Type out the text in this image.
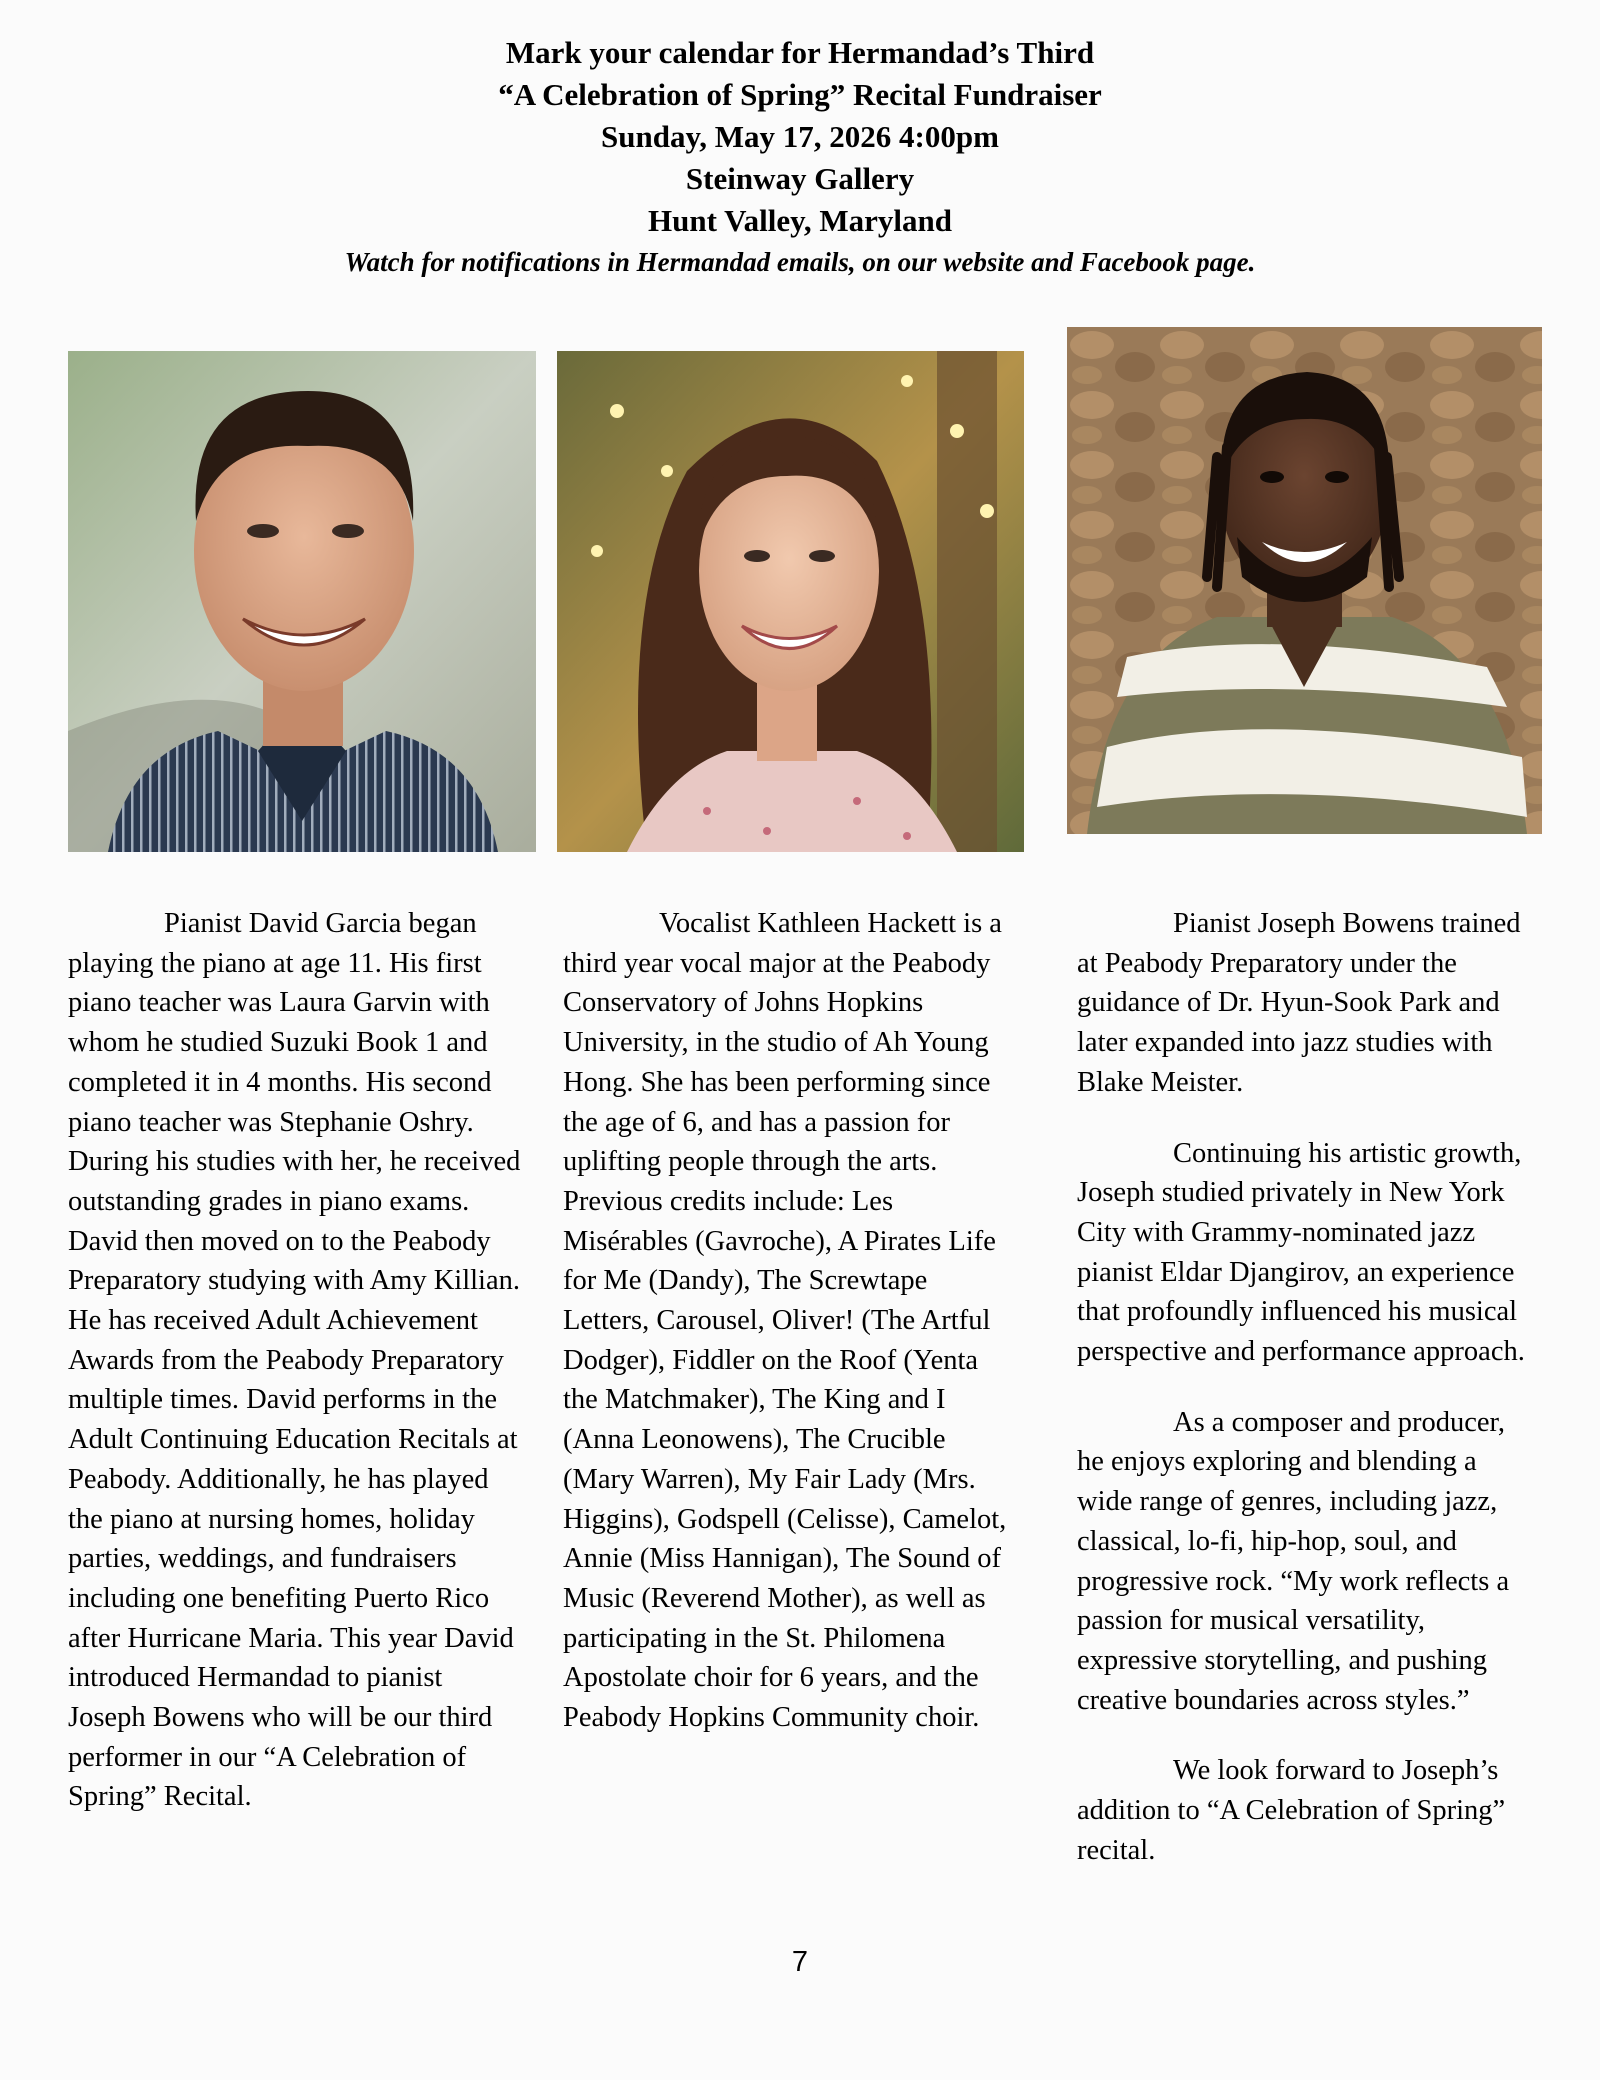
Mark your calendar for Hermandad’s Third
“A Celebration of Spring” Recital Fundraiser
Sunday, May 17, 2026 4:00pm
Steinway Gallery
Hunt Valley, Maryland
Watch for notifications in Hermandad emails, on our website and Facebook page.

Pianist David Garcia began playing the piano at age 11. His first piano teacher was Laura Garvin with whom he studied Suzuki Book 1 and completed it in 4 months. His second piano teacher was Stephanie Oshry. During his studies with her, he received outstanding grades in piano exams. David then moved on to the Peabody Preparatory studying with Amy Killian. He has received Adult Achievement Awards from the Peabody Preparatory multiple times. David performs in the Adult Continuing Education Recitals at Peabody. Additionally, he has played the piano at nursing homes, holiday parties, weddings, and fundraisers including one benefiting Puerto Rico after Hurricane Maria. This year David introduced Hermandad to pianist Joseph Bowens who will be our third performer in our “A Celebration of Spring” Recital.

Vocalist Kathleen Hackett is a third year vocal major at the Peabody Conservatory of Johns Hopkins University, in the studio of Ah Young Hong. She has been performing since the age of 6, and has a passion for uplifting people through the arts. Previous credits include: Les Misérables (Gavroche), A Pirates Life for Me (Dandy), The Screwtape Letters, Carousel, Oliver! (The Artful Dodger), Fiddler on the Roof (Yenta the Matchmaker), The King and I (Anna Leonowens), The Crucible (Mary Warren), My Fair Lady (Mrs. Higgins), Godspell (Celisse), Camelot, Annie (Miss Hannigan), The Sound of Music (Reverend Mother), as well as participating in the St. Philomena Apostolate choir for 6 years, and the Peabody Hopkins Community choir.

Pianist Joseph Bowens trained at Peabody Preparatory under the guidance of Dr. Hyun-Sook Park and later expanded into jazz studies with Blake Meister.

Continuing his artistic growth, Joseph studied privately in New York City with Grammy-nominated jazz pianist Eldar Djangirov, an experience that profoundly influenced his musical perspective and performance approach.

As a composer and producer, he enjoys exploring and blending a wide range of genres, including jazz, classical, lo-fi, hip-hop, soul, and progressive rock. “My work reflects a passion for musical versatility, expressive storytelling, and pushing creative boundaries across styles.”

We look forward to Joseph’s addition to “A Celebration of Spring” recital.

7
